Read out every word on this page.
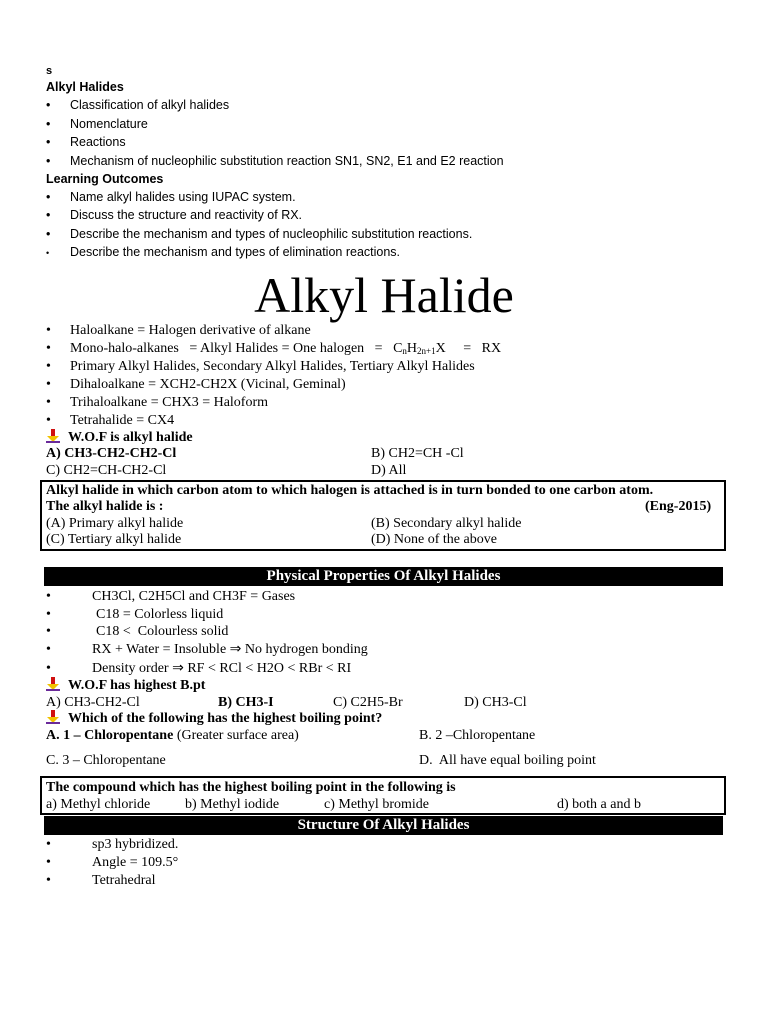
s
Alkyl Halides
• Classification of alkyl halides
• Nomenclature
• Reactions
• Mechanism of nucleophilic substitution reaction SN1, SN2, E1 and E2 reaction
Learning Outcomes
• Name alkyl halides using IUPAC system.
• Discuss the structure and reactivity of RX.
• Describe the mechanism and types of nucleophilic substitution reactions.
• Describe the mechanism and types of elimination reactions.
Alkyl Halide
• Haloalkane = Halogen derivative of alkane
• Mono-halo-alkanes   = Alkyl Halides = One halogen   =   $C_nH_{2n+1}X$     =   RX
• Primary Alkyl Halides, Secondary Alkyl Halides, Tertiary Alkyl Halides
• Dihaloalkane = XCH2-CH2X (Vicinal, Geminal)
• Trihaloalkane = CHX3 = Haloform
• Tetrahalide = CX4
W.O.F is alkyl halide
A) CH3-CH2-CH2-Cl	B) CH2=CH -Cl
C) CH2=CH-CH2-Cl	D) All
Alkyl halide in which carbon atom to which halogen is attached is in turn bonded to one carbon atom.
The alkyl halide is :	(Eng-2015)
(A) Primary alkyl halide	(B) Secondary alkyl halide
(C) Tertiary alkyl halide	(D) None of the above
Physical Properties Of Alkyl Halides
•	CH3Cl, C2H5Cl and CH3F = Gases
•	C18 = Colorless liquid
•	C18 <  Colourless solid
•	RX + Water = Insoluble ⇒ No hydrogen bonding
•	Density order ⇒ RF < RCl < H2O < RBr < RI
W.O.F has highest B.pt
A) CH3-CH2-Cl	B) CH3-I	C) C2H5-Br	D) CH3-Cl
Which of the following has the highest boiling point?
A. 1 – Chloropentane (Greater surface area)	B. 2 –Chloropentane
C. 3 – Chloropentane	D.  All have equal boiling point
The compound which has the highest boiling point in the following is
a) Methyl chloride b) Methyl iodide	c) Methyl bromide	d) both a and b
Structure Of Alkyl Halides
•	sp3 hybridized.
•	Angle = 109.5°
•	Tetrahedral
